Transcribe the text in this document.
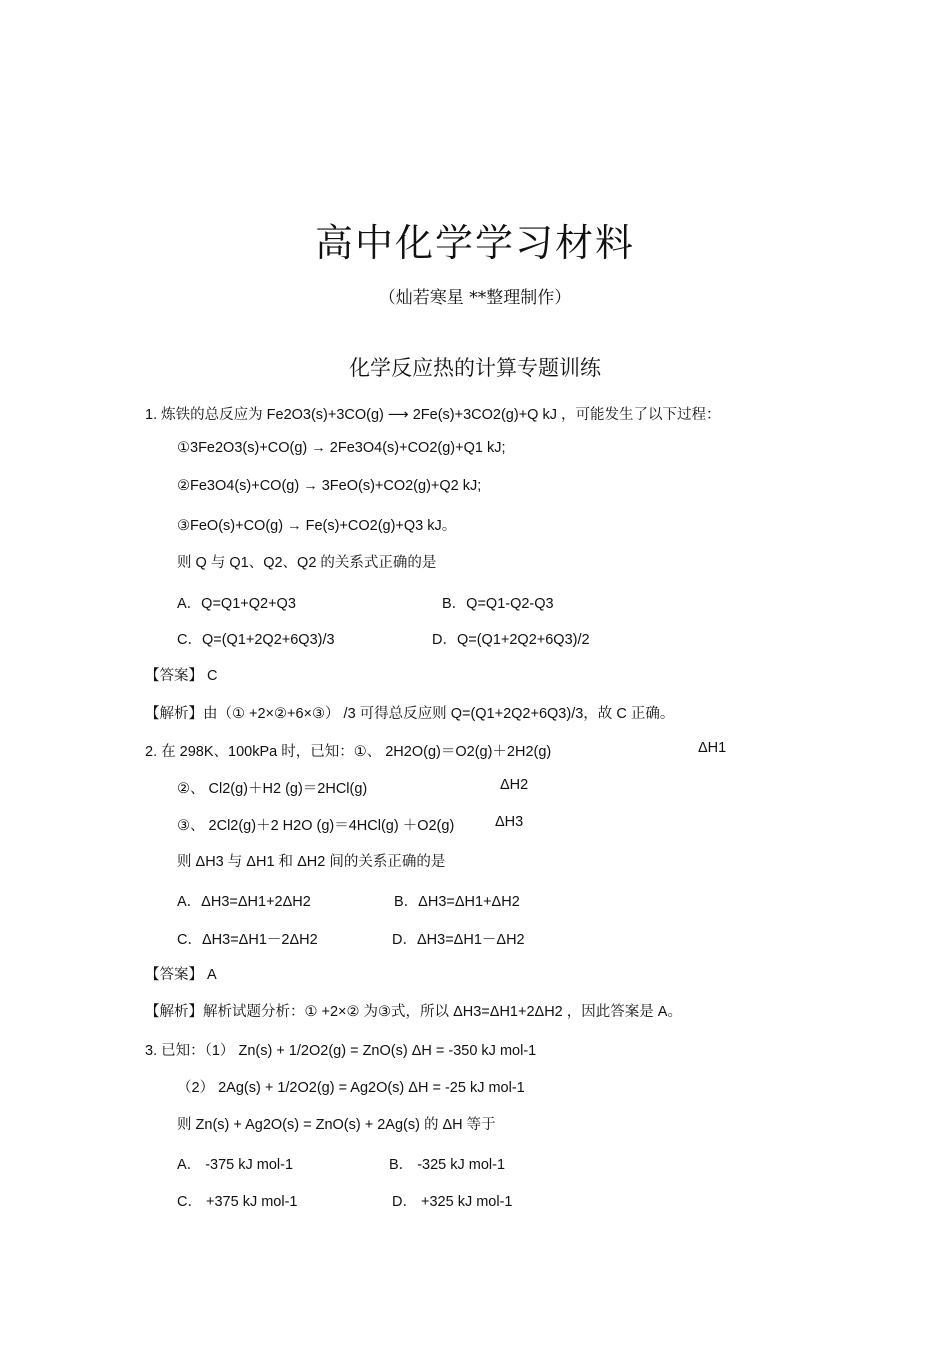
高中化学学习材料
（灿若寒星 **整理制作）
化学反应热的计算专题训练
1. 炼铁的总反应为 Fe2O3(s)+3CO(g) ⟶ 2Fe(s)+3CO2(g)+Q kJ ，可能发生了以下过程：
①3Fe2O3(s)+CO(g) → 2Fe3O4(s)+CO2(g)+Q1 kJ;
②Fe3O4(s)+CO(g) → 3FeO(s)+CO2(g)+Q2 kJ;
③FeO(s)+CO(g) → Fe(s)+CO2(g)+Q3 kJ。
则 Q 与 Q1、Q2、Q2 的关系式正确的是
A．Q=Q1+Q2+Q3	B．Q=Q1-Q2-Q3
C．Q=(Q1+2Q2+6Q3)/3	D．Q=(Q1+2Q2+6Q3)/2
【答案】 C
【解析】由（① +2×②+6×③） /3 可得总反应则 Q=(Q1+2Q2+6Q3)/3，故 C 正确。
2. 在 298K、100kPa 时，已知：①、 2H2O(g)＝O2(g)＋2H2(g)	ΔH1
②、 Cl2(g)＋H2 (g)＝2HCl(g)	ΔH2
③、 2Cl2(g)＋2 H2O (g)＝4HCl(g) ＋O2(g)	ΔH3
则 ΔH3 与 ΔH1 和 ΔH2 间的关系正确的是
A．ΔH3=ΔH1+2ΔH2	B．ΔH3=ΔH1+ΔH2
C．ΔH3=ΔH1－2ΔH2	D．ΔH3=ΔH1－ΔH2
【答案】 A
【解析】解析试题分析：① +2×② 为③式，所以 ΔH3=ΔH1+2ΔH2 ，因此答案是 A。
3. 已知：（1） Zn(s) + 1/2O2(g) = ZnO(s) ΔH = -350 kJ mol-1
（2） 2Ag(s) + 1/2O2(g) = Ag2O(s) ΔH = -25 kJ mol-1
则 Zn(s) + Ag2O(s) = ZnO(s) + 2Ag(s) 的 ΔH 等于
A． -375 kJ mol-1	B． -325 kJ mol-1
C． +375 kJ mol-1	D． +325 kJ mol-1
